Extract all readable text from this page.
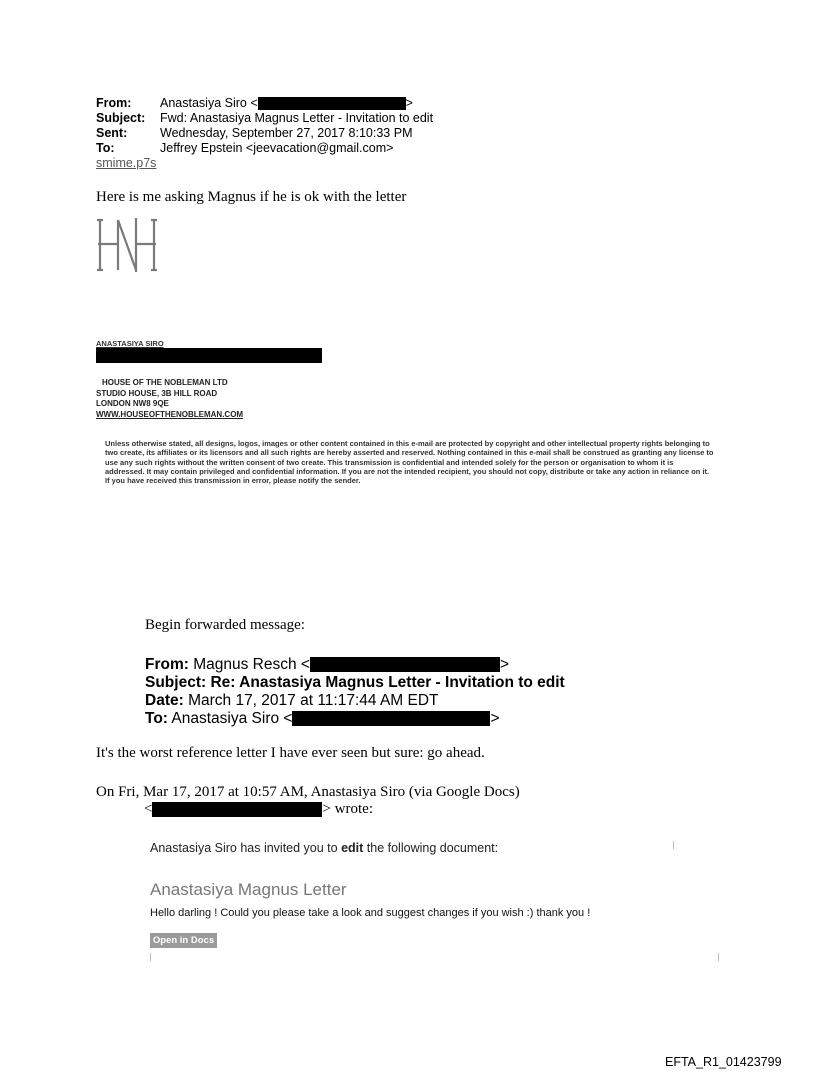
From:	Anastasiya Siro <	>
Subject:	Fwd: Anastasiya Magnus Letter - Invitation to edit
Sent:	Wednesday, September 27, 2017 8:10:33 PM
To:	Jeffrey Epstein <jeevacation@gmail.com>
smime.p7s
Here is me asking Magnus if he is ok with the letter
ANASTASIYA SIRO
HOUSE OF THE NOBLEMAN LTD
STUDIO HOUSE, 3B HILL ROAD
LONDON NW8 9QE
WWW.HOUSEOFTHENOBLEMAN.COM
Unless otherwise stated, all designs, logos, images or other content contained in this e-mail are protected by copyright and other intellectual property rights belonging to two create, its affiliates or its licensors and all such rights are hereby asserted and reserved. Nothing contained in this e-mail shall be construed as granting any license to use any such rights without the written consent of two create. This transmission is confidential and intended solely for the person or organisation to whom it is addressed. It may contain privileged and confidential information. If you are not the intended recipient, you should not copy, distribute or take any action in reliance on it. If you have received this transmission in error, please notify the sender.
Begin forwarded message:
From: Magnus Resch <	>
Subject: Re: Anastasiya Magnus Letter - Invitation to edit
Date: March 17, 2017 at 11:17:44 AM EDT
To: Anastasiya Siro <	>
It's the worst reference letter I have ever seen but sure: go ahead.
On Fri, Mar 17, 2017 at 10:57 AM, Anastasiya Siro (via Google Docs)
<	> wrote:
Anastasiya Siro has invited you to edit the following document:
Anastasiya Magnus Letter
Hello darling ! Could you please take a look and suggest changes if you wish :) thank you !
Open in Docs
EFTA_R1_01423799
